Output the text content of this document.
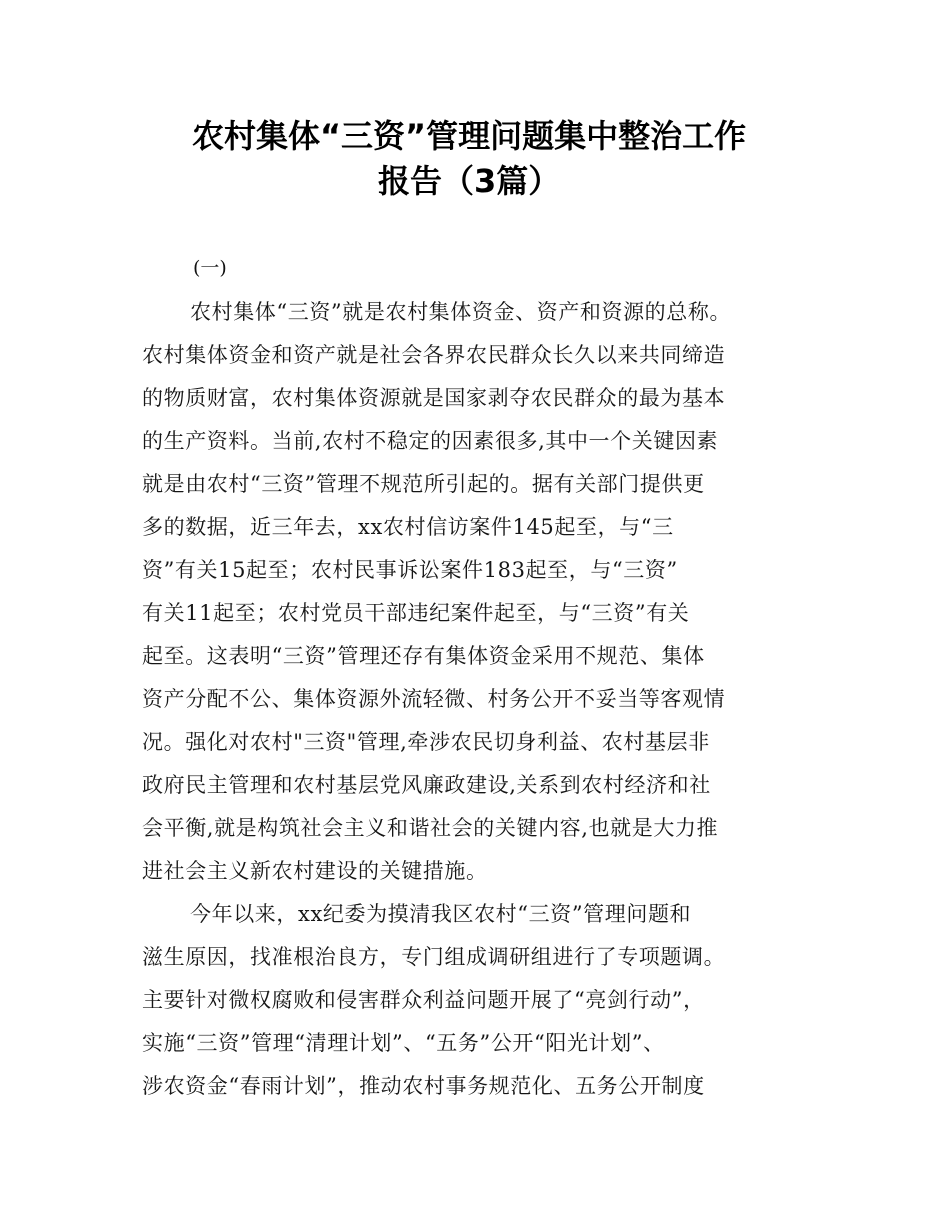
农村集体“三资”管理问题集中整治工作
报告（3篇）
(一)
农村集体“三资”就是农村集体资金、资产和资源的总称。
农村集体资金和资产就是社会各界农民群众长久以来共同缔造
的物质财富，农村集体资源就是国家剥夺农民群众的最为基本
的生产资料。当前,农村不稳定的因素很多,其中一个关键因素
就是由农村“三资”管理不规范所引起的。据有关部门提供更
多的数据，近三年去，xx农村信访案件145起至，与“三
资”有关15起至；农村民事诉讼案件183起至，与“三资”
有关11起至；农村党员干部违纪案件起至，与“三资”有关
起至。这表明“三资”管理还存有集体资金采用不规范、集体
资产分配不公、集体资源外流轻微、村务公开不妥当等客观情
况。强化对农村"三资"管理,牵涉农民切身利益、农村基层非
政府民主管理和农村基层党风廉政建设,关系到农村经济和社
会平衡,就是构筑社会主义和谐社会的关键内容,也就是大力推
进社会主义新农村建设的关键措施。
今年以来，xx纪委为摸清我区农村“三资”管理问题和
滋生原因，找准根治良方，专门组成调研组进行了专项题调。
主要针对微权腐败和侵害群众利益问题开展了“亮剑行动”，
实施“三资”管理“清理计划”、“五务”公开“阳光计划”、
涉农资金“春雨计划”，推动农村事务规范化、五务公开制度
